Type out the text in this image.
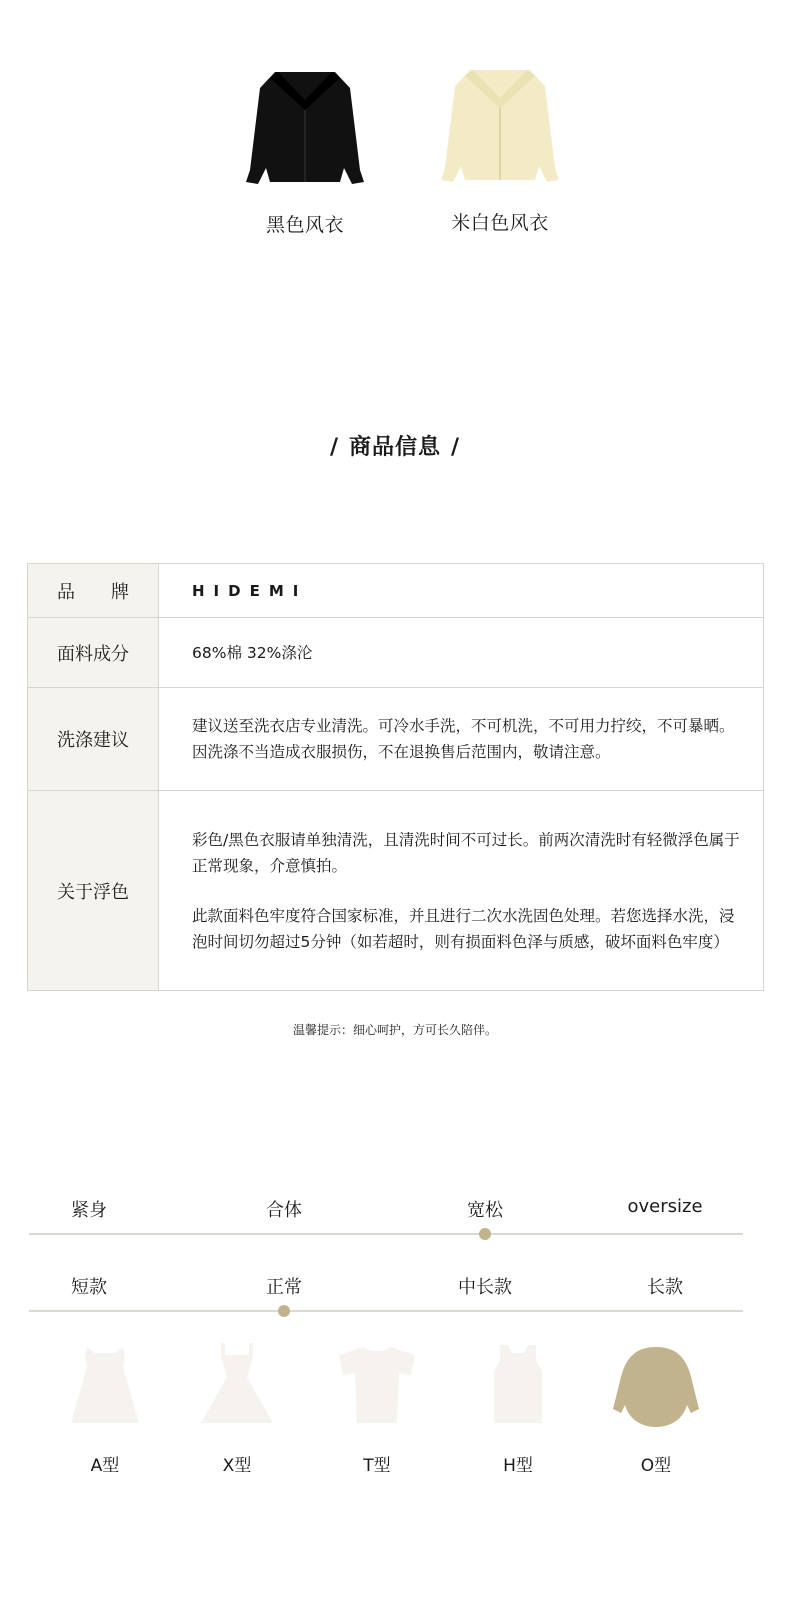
黑色风衣	米白色风衣
/ 商品信息 /
品　　牌	HIDEMI
面料成分	68%棉 32%涤沦
洗涤建议	建议送至洗衣店专业清洗。可冷水手洗，不可机洗，不可用力拧绞，不可暴晒。因洗涤不当造成衣服损伤，不在退换售后范围内，敬请注意。
关于浮色	彩色/黑色衣服请单独清洗，且清洗时间不可过长。前两次清洗时有轻微浮色属于正常现象，介意慎拍。
此款面料色牢度符合国家标准，并且进行二次水洗固色处理。若您选择水洗，浸泡时间切勿超过5分钟（如若超时，则有损面料色泽与质感，破坏面料色牢度）
温馨提示：细心呵护，方可长久陪伴。
紧身	合体	宽松	oversize
短款	正常	中长款	长款
A型	X型	T型	H型	O型
